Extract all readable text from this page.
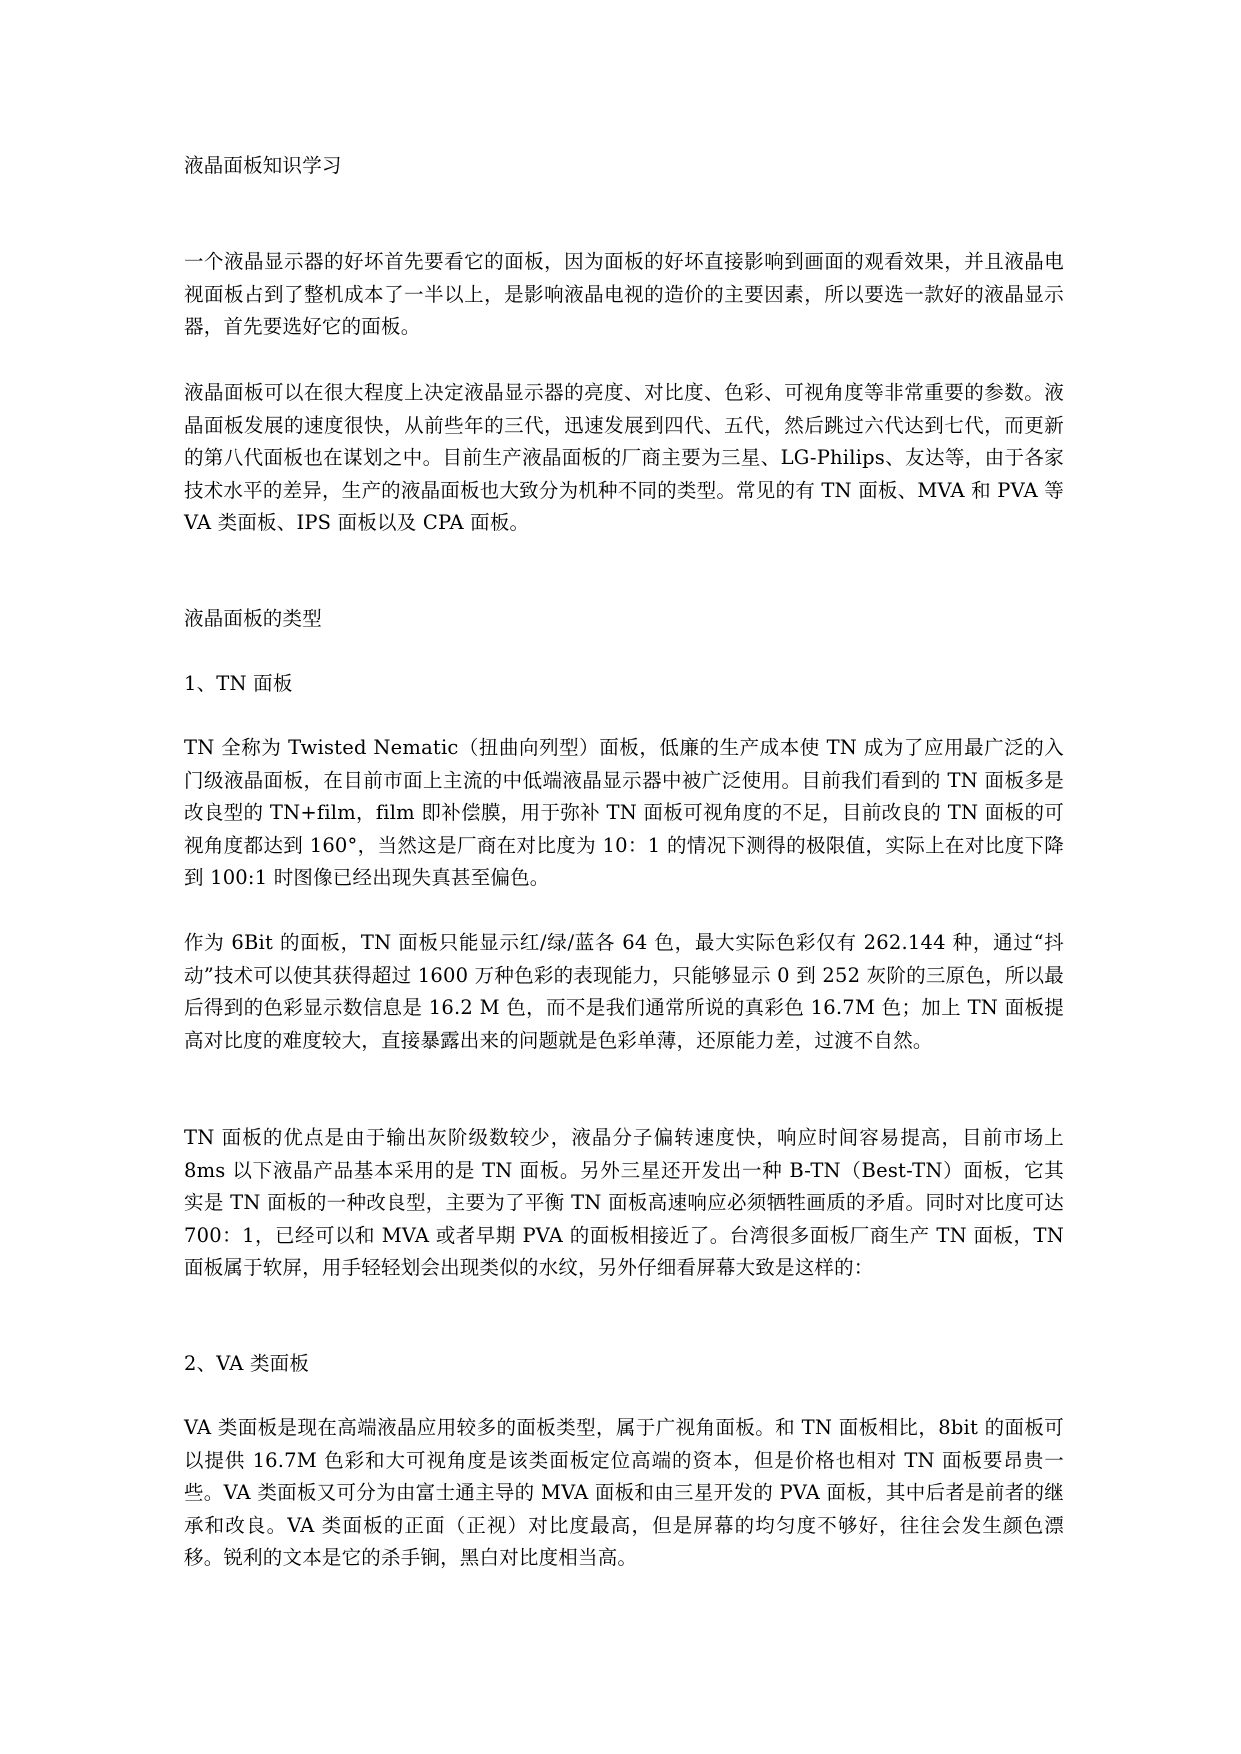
液晶面板知识学习

一个液晶显示器的好坏首先要看它的面板，因为面板的好坏直接影响到画面的观看效果，并且液晶电视面板占到了整机成本了一半以上，是影响液晶电视的造价的主要因素，所以要选一款好的液晶显示器，首先要选好它的面板。

液晶面板可以在很大程度上决定液晶显示器的亮度、对比度、色彩、可视角度等非常重要的参数。液晶面板发展的速度很快，从前些年的三代，迅速发展到四代、五代，然后跳过六代达到七代，而更新的第八代面板也在谋划之中。目前生产液晶面板的厂商主要为三星、LG-Philips、友达等，由于各家技术水平的差异，生产的液晶面板也大致分为机种不同的类型。常见的有 TN 面板、MVA 和 PVA 等 VA 类面板、IPS 面板以及 CPA 面板。

液晶面板的类型

1、TN 面板

TN 全称为 Twisted Nematic（扭曲向列型）面板，低廉的生产成本使 TN 成为了应用最广泛的入门级液晶面板，在目前市面上主流的中低端液晶显示器中被广泛使用。目前我们看到的 TN 面板多是改良型的 TN+film，film 即补偿膜，用于弥补 TN 面板可视角度的不足，目前改良的 TN 面板的可视角度都达到 160°，当然这是厂商在对比度为 10：1 的情况下测得的极限值，实际上在对比度下降到 100:1 时图像已经出现失真甚至偏色。

作为 6Bit 的面板，TN 面板只能显示红/绿/蓝各 64 色，最大实际色彩仅有 262.144 种，通过“抖动”技术可以使其获得超过 1600 万种色彩的表现能力，只能够显示 0 到 252 灰阶的三原色，所以最后得到的色彩显示数信息是 16.2 M 色，而不是我们通常所说的真彩色 16.7M 色；加上 TN 面板提高对比度的难度较大，直接暴露出来的问题就是色彩单薄，还原能力差，过渡不自然。

TN 面板的优点是由于输出灰阶级数较少，液晶分子偏转速度快，响应时间容易提高，目前市场上 8ms 以下液晶产品基本采用的是 TN 面板。另外三星还开发出一种 B-TN（Best-TN）面板，它其实是 TN 面板的一种改良型，主要为了平衡 TN 面板高速响应必须牺牲画质的矛盾。同时对比度可达 700：1，已经可以和 MVA 或者早期 PVA 的面板相接近了。台湾很多面板厂商生产 TN 面板，TN 面板属于软屏，用手轻轻划会出现类似的水纹，另外仔细看屏幕大致是这样的：

2、VA 类面板

VA 类面板是现在高端液晶应用较多的面板类型，属于广视角面板。和 TN 面板相比，8bit 的面板可以提供 16.7M 色彩和大可视角度是该类面板定位高端的资本，但是价格也相对 TN 面板要昂贵一些。VA 类面板又可分为由富士通主导的 MVA 面板和由三星开发的 PVA 面板，其中后者是前者的继承和改良。VA 类面板的正面（正视）对比度最高，但是屏幕的均匀度不够好，往往会发生颜色漂移。锐利的文本是它的杀手锏，黑白对比度相当高。
